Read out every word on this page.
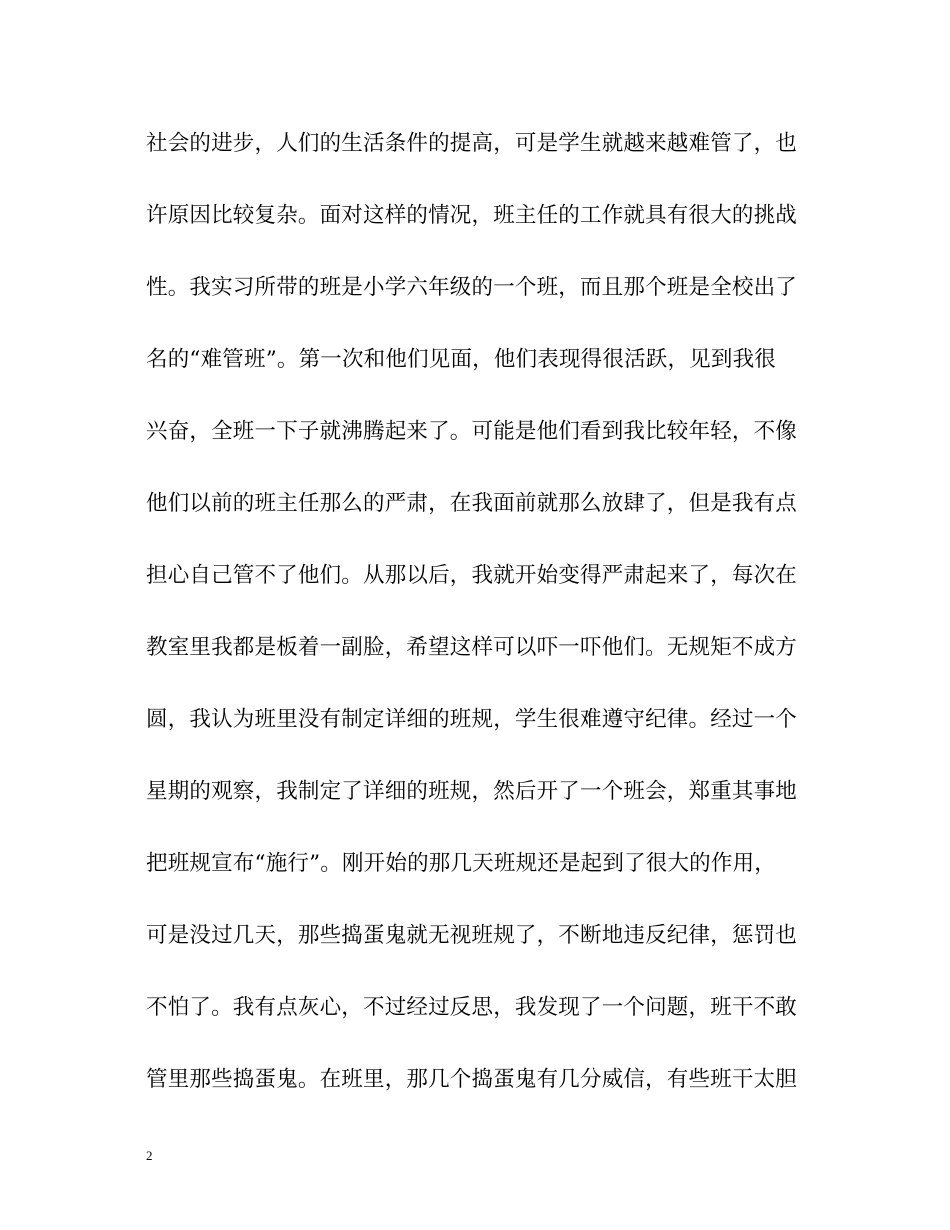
社会的进步，人们的生活条件的提高，可是学生就越来越难管了，也
许原因比较复杂。面对这样的情况，班主任的工作就具有很大的挑战
性。我实习所带的班是小学六年级的一个班，而且那个班是全校出了
名的“难管班”。第一次和他们见面，他们表现得很活跃，见到我很
兴奋，全班一下子就沸腾起来了。可能是他们看到我比较年轻，不像
他们以前的班主任那么的严肃，在我面前就那么放肆了，但是我有点
担心自己管不了他们。从那以后，我就开始变得严肃起来了，每次在
教室里我都是板着一副脸，希望这样可以吓一吓他们。无规矩不成方
圆，我认为班里没有制定详细的班规，学生很难遵守纪律。经过一个
星期的观察，我制定了详细的班规，然后开了一个班会，郑重其事地
把班规宣布“施行”。刚开始的那几天班规还是起到了很大的作用，
可是没过几天，那些捣蛋鬼就无视班规了，不断地违反纪律，惩罚也
不怕了。我有点灰心，不过经过反思，我发现了一个问题，班干不敢
管里那些捣蛋鬼。在班里，那几个捣蛋鬼有几分威信，有些班干太胆
2
